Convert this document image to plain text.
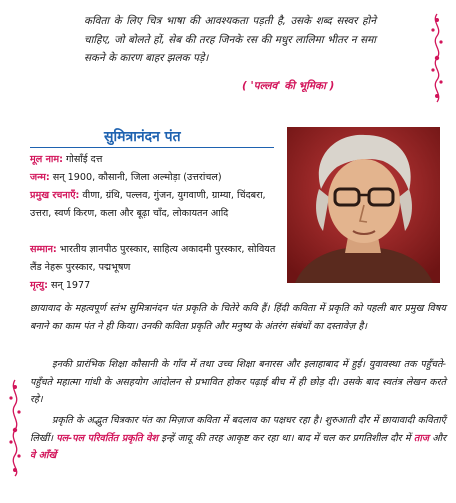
कविता के लिए चित्र भाषा की आवश्यकता पड़ती है, उसके शब्द सस्वर होने चाहिए, जो बोलते हों, सेब की तरह जिनके रस की मधुर लालिमा भीतर न समा सकने के कारण बाहर झलक पड़े।
( 'पल्लव' की भूमिका )
सुमित्रानंदन पंत
मूल नाम: गोसाँई दत्त
जन्म: सन् 1900, कौसानी, जिला अल्मोड़ा (उत्तरांचल)
प्रमुख रचनाएँ: वीणा, ग्रंथि, पल्लव, गुंजन, युगवाणी, ग्राम्या, चिंदबरा, उत्तरा, स्वर्ण किरण, कला और बूढ़ा चाँद, लोकायतन आदि
सम्मान: भारतीय ज्ञानपीठ पुरस्कार, साहित्य अकादमी पुरस्कार, सोवियत लैंड नेहरू पुरस्कार, पद्मभूषण
मृत्यु: सन् 1977

छायावाद के महत्वपूर्ण स्तंभ सुमित्रानंदन पंत प्रकृति के चितेरे कवि हैं। हिंदी कविता में प्रकृति को पहली बार प्रमुख विषय बनाने का काम पंत ने ही किया। उनकी कविता प्रकृति और मनुष्य के अंतरंग संबंधों का दस्तावेज़ है।

इनकी प्रारंभिक शिक्षा कौसानी के गाँव में तथा उच्च शिक्षा बनारस और इलाहाबाद में हुई। युवावस्था तक पहुँचते-पहुँचते महात्मा गांधी के असहयोग आंदोलन से प्रभावित होकर पढ़ाई बीच में ही छोड़ दी। उसके बाद स्वतंत्र लेखन करते रहे।

प्रकृति के अद्भुत चित्रकार पंत का मिज़ाज कविता में बदलाव का पक्षधर रहा है। शुरुआती दौर में छायावादी कविताएँ लिखीं। पल-पल परिवर्तित प्रकृति वेश इन्हें जादू की तरह आकृष्ट कर रहा था। बाद में चल कर प्रगतिशील दौर में ताज और वे आँखें
